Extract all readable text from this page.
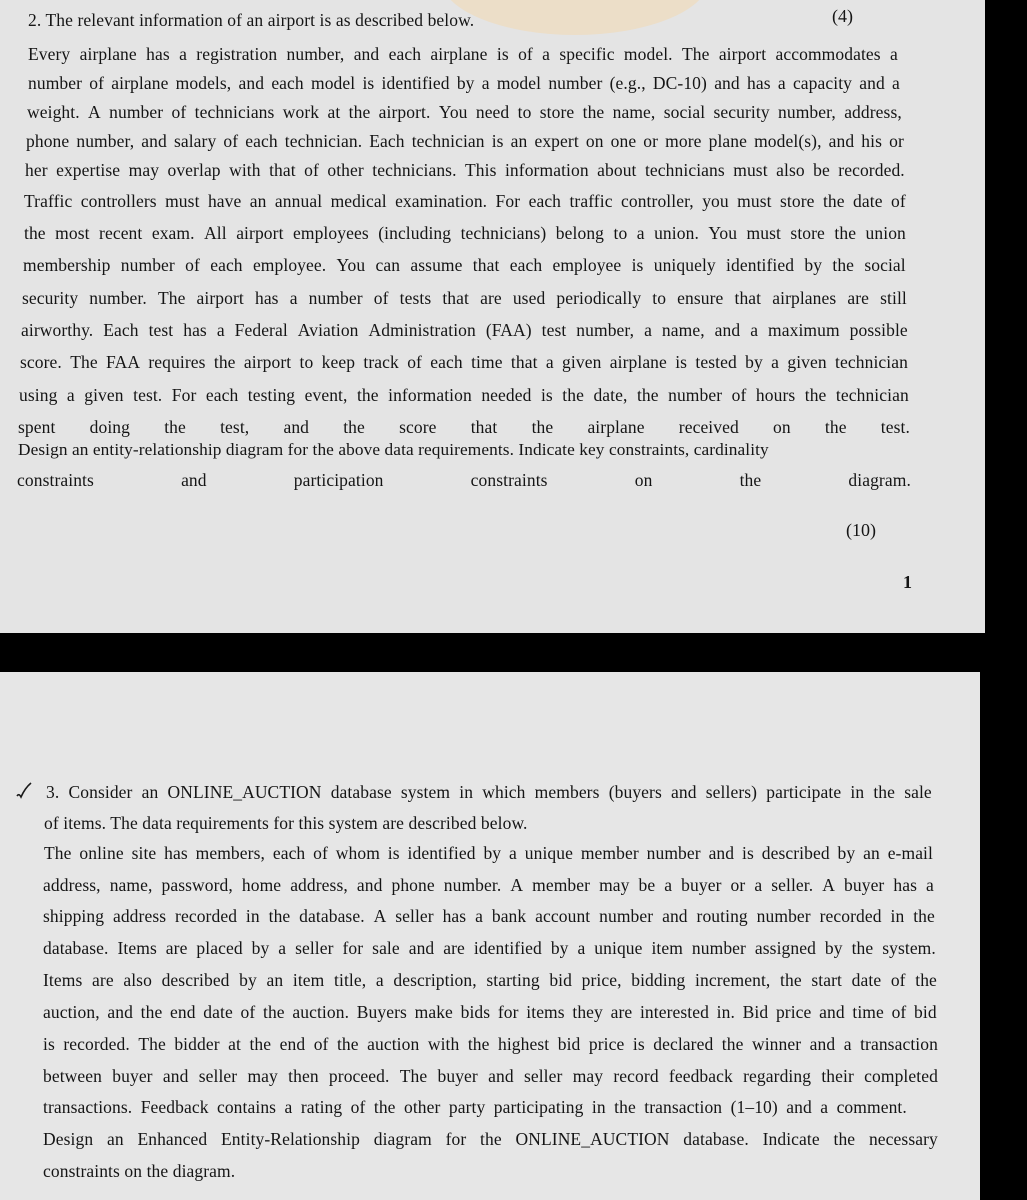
2. The relevant information of an airport is as described below.	(4)
Every airplane has a registration number, and each airplane is of a specific model. The airport accommodates a
number of airplane models, and each model is identified by a model number (e.g., DC-10) and has a capacity and a
weight. A number of technicians work at the airport. You need to store the name, social security number, address,
phone number, and salary of each technician. Each technician is an expert on one or more plane model(s), and his or
her expertise may overlap with that of other technicians. This information about technicians must also be recorded.
Traffic controllers must have an annual medical examination. For each traffic controller, you must store the date of
the most recent exam. All airport employees (including technicians) belong to a union. You must store the union
membership number of each employee. You can assume that each employee is uniquely identified by the social
security number. The airport has a number of tests that are used periodically to ensure that airplanes are still
airworthy. Each test has a Federal Aviation Administration (FAA) test number, a name, and a maximum possible
score. The FAA requires the airport to keep track of each time that a given airplane is tested by a given technician
using a given test. For each testing event, the information needed is the date, the number of hours the technician
spent doing the test, and the score that the airplane received on the test.
Design an entity-relationship diagram for the above data requirements. Indicate key constraints, cardinality
constraints	and	participation	constraints	on	the	diagram.
(10)
1
3. Consider an ONLINE_AUCTION database system in which members (buyers and sellers) participate in the sale
of items. The data requirements for this system are described below.
The online site has members, each of whom is identified by a unique member number and is described by an e-mail
address, name, password, home address, and phone number. A member may be a buyer or a seller. A buyer has a
shipping address recorded in the database. A seller has a bank account number and routing number recorded in the
database. Items are placed by a seller for sale and are identified by a unique item number assigned by the system.
Items are also described by an item title, a description, starting bid price, bidding increment, the start date of the
auction, and the end date of the auction. Buyers make bids for items they are interested in. Bid price and time of bid
is recorded. The bidder at the end of the auction with the highest bid price is declared the winner and a transaction
between buyer and seller may then proceed. The buyer and seller may record feedback regarding their completed
transactions. Feedback contains a rating of the other party participating in the transaction (1–10) and a comment.
Design an Enhanced Entity-Relationship diagram for the ONLINE_AUCTION database. Indicate the necessary
constraints on the diagram.
